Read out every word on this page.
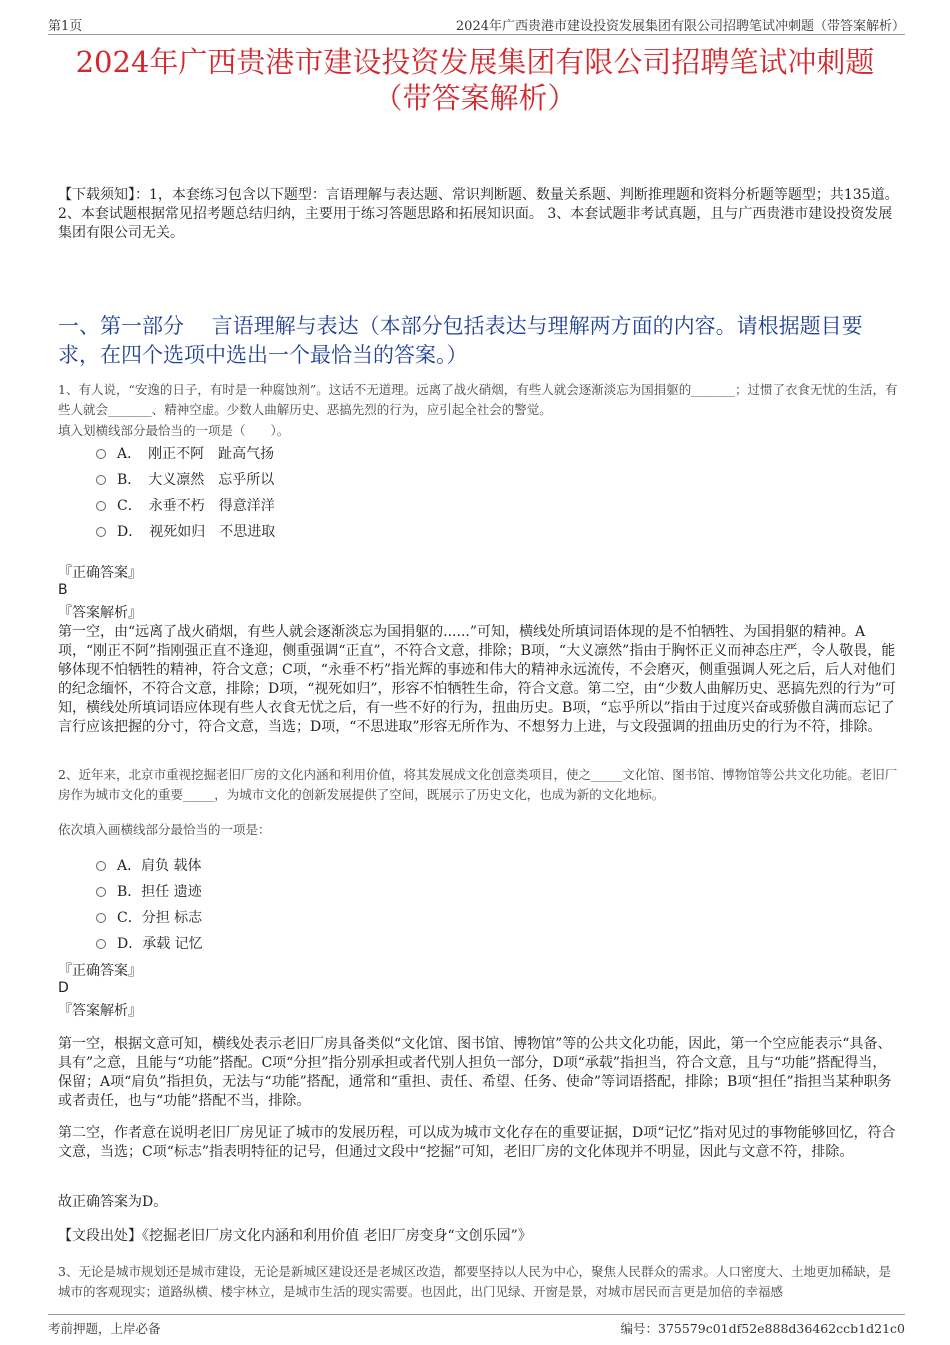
第1页	2024年广西贵港市建设投资发展集团有限公司招聘笔试冲刺题（带答案解析）
2024年广西贵港市建设投资发展集团有限公司招聘笔试冲刺题
（带答案解析）
【下载须知】：1，本套练习包含以下题型：言语理解与表达题、常识判断题、数量关系题、判断推理题和资料分析题等题型；共135道。 2、本套试题根据常见招考题总结归纳，主要用于练习答题思路和拓展知识面。 3、本套试题非考试真题，且与广西贵港市建设投资发展集团有限公司无关。
一、第一部分　 言语理解与表达（本部分包括表达与理解两方面的内容。请根据题目要求，在四个选项中选出一个最恰当的答案。）
1、有人说，“安逸的日子，有时是一种腐蚀剂”。这话不无道理。远离了战火硝烟，有些人就会逐渐淡忘为国捐躯的_______；过惯了衣食无忧的生活，有些人就会_______、精神空虚。少数人曲解历史、恶搞先烈的行为，应引起全社会的警觉。
填入划横线部分最恰当的一项是（　　）。
A．　刚正不阿　趾高气扬
B．　大义凛然　忘乎所以
C．　永垂不朽　得意洋洋
D．　视死如归　不思进取
『正确答案』
B
『答案解析』
第一空，由“远离了战火硝烟，有些人就会逐渐淡忘为国捐躯的......”可知，横线处所填词语体现的是不怕牺牲、为国捐躯的精神。A项，“刚正不阿”指刚强正直不逢迎，侧重强调“正直”，不符合文意，排除；B项，“大义凛然”指由于胸怀正义而神态庄严，令人敬畏，能够体现不怕牺牲的精神，符合文意；C项，“永垂不朽”指光辉的事迹和伟大的精神永远流传，不会磨灭，侧重强调人死之后，后人对他们的纪念缅怀，不符合文意，排除；D项，“视死如归”，形容不怕牺牲生命，符合文意。第二空，由“少数人曲解历史、恶搞先烈的行为”可知，横线处所填词语应体现有些人衣食无忧之后，有一些不好的行为，扭曲历史。B项，“忘乎所以”指由于过度兴奋或骄傲自满而忘记了言行应该把握的分寸，符合文意，当选；D项，“不思进取”形容无所作为、不想努力上进，与文段强调的扭曲历史的行为不符，排除。
2、近年来，北京市重视挖掘老旧厂房的文化内涵和利用价值，将其发展成文化创意类项目，使之_____文化馆、图书馆、博物馆等公共文化功能。老旧厂房作为城市文化的重要_____，为城市文化的创新发展提供了空间，既展示了历史文化，也成为新的文化地标。
依次填入画横线部分最恰当的一项是：
A．肩负 载体
B．担任 遗迹
C．分担 标志
D．承载 记忆
『正确答案』
D
『答案解析』
第一空，根据文意可知，横线处表示老旧厂房具备类似“文化馆、图书馆、博物馆”等的公共文化功能，因此，第一个空应能表示“具备、具有”之意，且能与“功能”搭配。C项“分担”指分别承担或者代别人担负一部分，D项“承载”指担当，符合文意，且与“功能”搭配得当，保留；A项“肩负”指担负，无法与“功能”搭配，通常和“重担、责任、希望、任务、使命”等词语搭配，排除；B项“担任”指担当某种职务或者责任，也与“功能”搭配不当，排除。
第二空，作者意在说明老旧厂房见证了城市的发展历程，可以成为城市文化存在的重要证据，D项“记忆”指对见过的事物能够回忆，符合文意，当选；C项“标志”指表明特征的记号，但通过文段中“挖掘”可知，老旧厂房的文化体现并不明显，因此与文意不符，排除。
故正确答案为D。
【文段出处】《挖掘老旧厂房文化内涵和利用价值 老旧厂房变身“文创乐园”》
3、无论是城市规划还是城市建设，无论是新城区建设还是老城区改造，都要坚持以人民为中心，聚焦人民群众的需求。人口密度大、土地更加稀缺，是城市的客观现实；道路纵横、楼宇林立，是城市生活的现实需要。也因此，出门见绿、开窗是景，对城市居民而言更是加倍的幸福感
考前押题，上岸必备	编号：375579c01df52e888d36462ccb1d21c0
